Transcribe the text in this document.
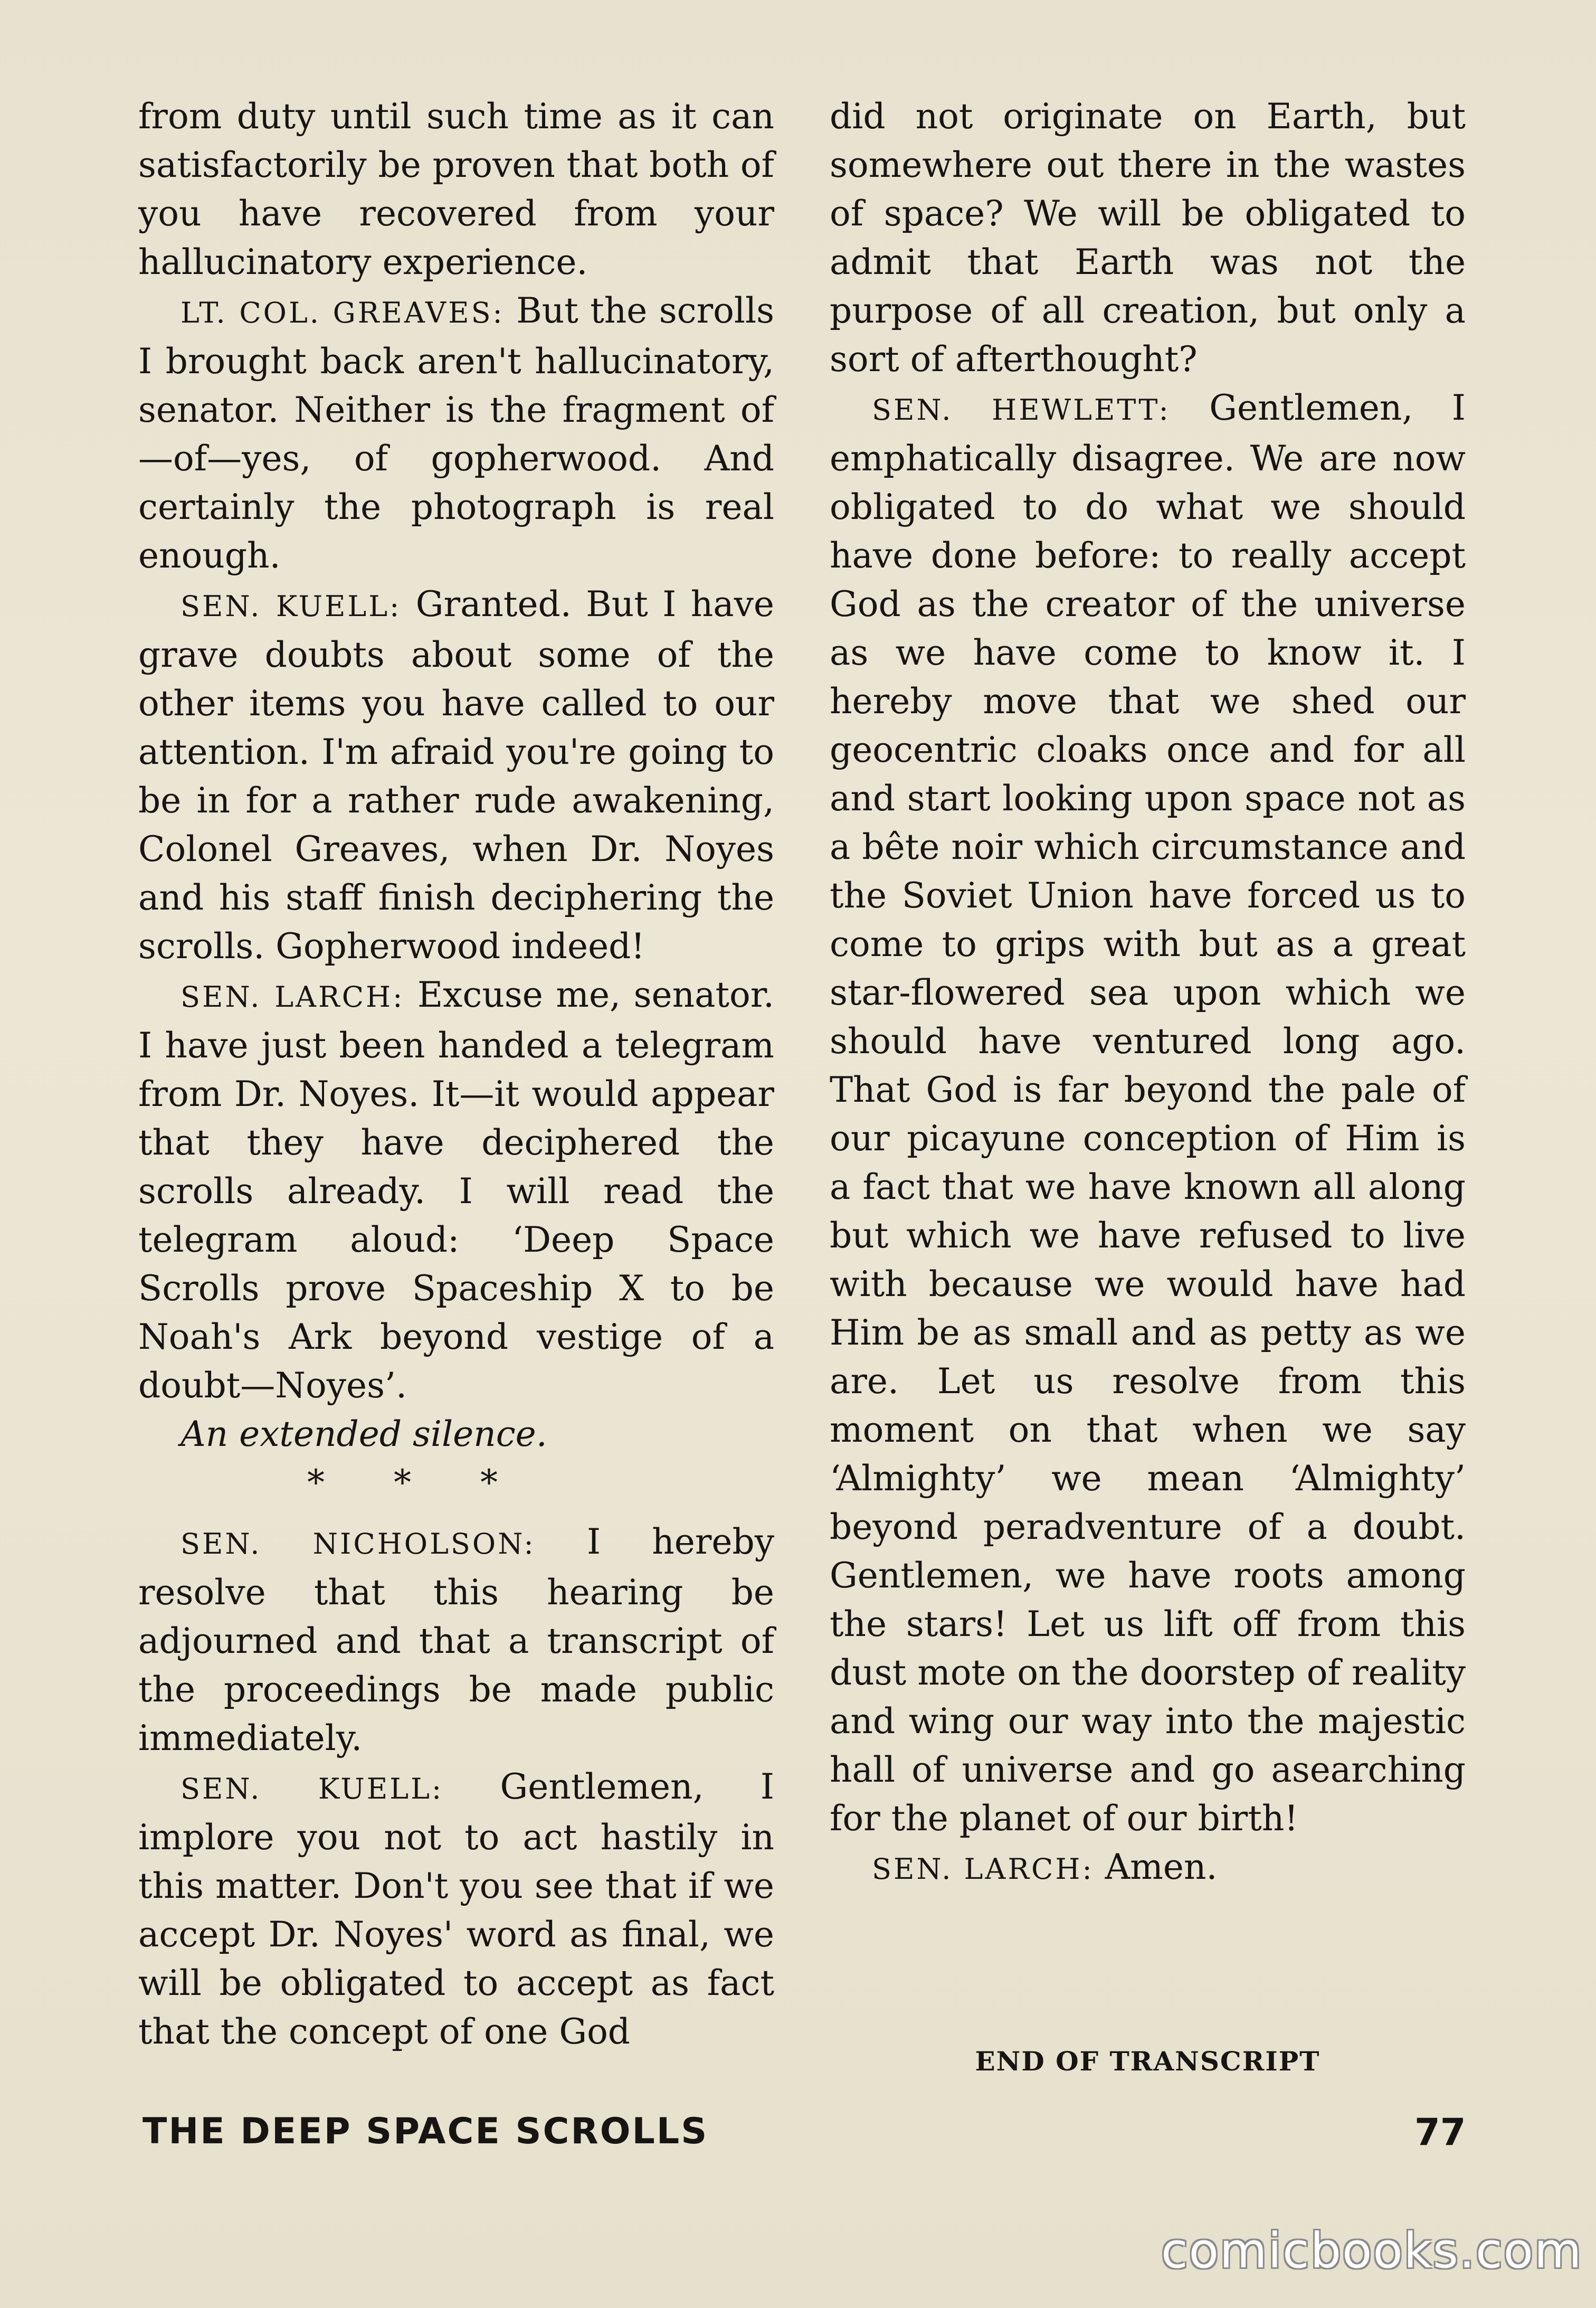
from duty until such time as it can satisfactorily be proven that both of you have recovered from your hallucinatory experience.

LT. COL. GREAVES: But the scrolls I brought back aren't hallucinatory, senator. Neither is the fragment of—of—yes, of gopherwood. And certainly the photograph is real enough.

SEN. KUELL: Granted. But I have grave doubts about some of the other items you have called to our attention. I'm afraid you're going to be in for a rather rude awakening, Colonel Greaves, when Dr. Noyes and his staff finish deciphering the scrolls. Gopherwood indeed!

SEN. LARCH: Excuse me, senator. I have just been handed a telegram from Dr. Noyes. It—it would appear that they have deciphered the scrolls already. I will read the telegram aloud: ‘Deep Space Scrolls prove Spaceship X to be Noah's Ark beyond vestige of a doubt—Noyes’.

An extended silence.

* * *

SEN. NICHOLSON: I hereby resolve that this hearing be adjourned and that a transcript of the proceedings be made public immediately.

SEN. KUELL: Gentlemen, I implore you not to act hastily in this matter. Don't you see that if we accept Dr. Noyes' word as final, we will be obligated to accept as fact that the concept of one God

did not originate on Earth, but somewhere out there in the wastes of space? We will be obligated to admit that Earth was not the purpose of all creation, but only a sort of afterthought?

SEN. HEWLETT: Gentlemen, I emphatically disagree. We are now obligated to do what we should have done before: to really accept God as the creator of the universe as we have come to know it. I hereby move that we shed our geocentric cloaks once and for all and start looking upon space not as a bête noir which circumstance and the Soviet Union have forced us to come to grips with but as a great star-flowered sea upon which we should have ventured long ago. That God is far beyond the pale of our picayune conception of Him is a fact that we have known all along but which we have refused to live with because we would have had Him be as small and as petty as we are. Let us resolve from this moment on that when we say ‘Almighty’ we mean ‘Almighty’ beyond peradventure of a doubt. Gentlemen, we have roots among the stars! Let us lift off from this dust mote on the doorstep of reality and wing our way into the majestic hall of universe and go asearching for the planet of our birth!

SEN. LARCH: Amen.

END OF TRANSCRIPT
THE DEEP SPACE SCROLLS	77
comicbooks.com
